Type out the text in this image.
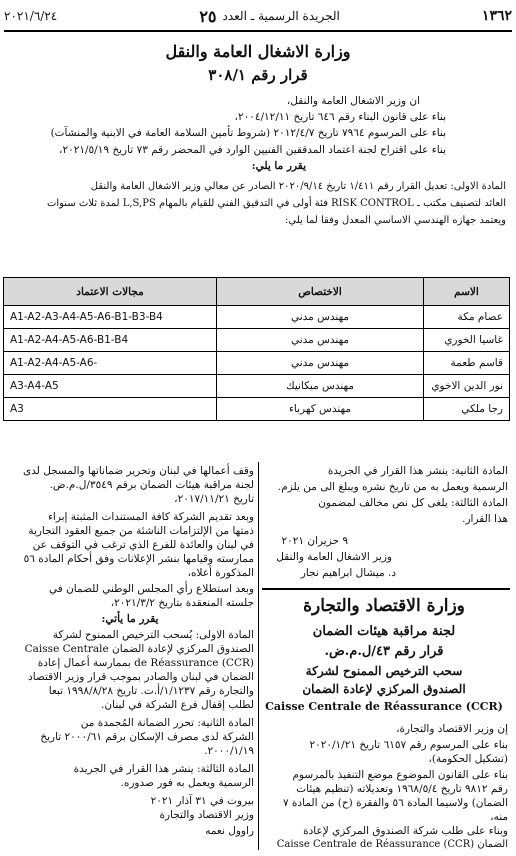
١٣٦٢
الجريدة الرسمية ـ العدد
٢٥
٢٠٢١/٦/٢٤
وزارة الاشغال العامة والنقل
قرار رقم ٣٠٨/١
ان وزير الاشغال العامة والنقل،
بناء على قانون البناء رقم ٦٤٦ تاريخ ٢٠٠٤/١٢/١١،
بناء على المرسوم ٧٩٦٤ تاريخ ٢٠١٢/٤/٧ (شروط تأمين السلامة العامة في الابنية والمنشآت)
بناء على اقتراح لجنة اعتماد المدققين الفنيين الوارد في المحضر رقم ٧٣ تاريخ ٢٠٢١/٥/١٩،
يقرر ما يلي:
المادة الاولى: تعديل القرار رقم ١/٤١١ تاريخ ٢٠٢٠/٩/١٤ الصادر عن معالي وزير الاشغال العامة والنقل
العائد لتصنيف مكتب ـ RISK CONTROL فئة أولى في التدقيق الفني للقيام بالمهام L,S,PS لمدة ثلاث سنوات
ويعتمد جهازه الهندسي الاساسي المعدل وفقا لما يلي:
الاسم	الاختصاص	مجالات الاعتماد
عصام مكة	مهندس مدني	A1-A2-A3-A4-A5-A6-B1-B3-B4
غاسيا الخوري	مهندس مدني	A1-A2-A4-A5-A6-B1-B4
قاسم طعمة	مهندس مدني	A1-A2-A4-A5-A6-
نور الدين الاخوي	مهندس ميكانيك	A3-A4-A5
رجا ملكي	مهندس كهرباء	A3
المادة الثانية: ينشر هذا القرار في الجريدة
الرسمية ويعمل به من تاريخ نشره ويبلغ الى من يلزم.
المادة الثالثة: يلغى كل نص مخالف لمضمون
هذا القرار.
٩ حزيران ٢٠٢١
وزير الاشغال العامة والنقل
د. ميشال ابراهيم نجار
وزارة الاقتصاد والتجارة
لجنة مراقبة هيئات الضمان
قرار رقم ٤٣/ل.م.ض.
سحب الترخيص الممنوح لشركة
الصندوق المركزي لإعادة الضمان
Caisse Centrale de Réassurance (CCR)
إن وزير الاقتصاد والتجارة،
بناء على المرسوم رقم ٦١٥٧ تاريخ ٢٠٢٠/١/٢١
(تشكيل الحكومة)،
بناء على القانون الموضوع موضع التنفيذ بالمرسوم
رقم ٩٨١٢ تاريخ ١٩٦٨/٥/٤ وتعديلاته (تنظيم هيئات
الضمان) ولاسيما المادة ٥٦ والفقرة (ح) من المادة ٧
منه،
وبناء على طلب شركة الصندوق المركزي لإعادة
الضمان Caisse Centrale de Réassurance (CCR)
وقف أعمالها في لبنان وتحرير ضماناتها والمسجل لدى
لجنة مراقبة هيئات الضمان برقم ٣٥٤٩/ل.م.ض.
تاريخ ٢٠١٧/١١/٢١،
وبعد تقديم الشركة كافة المستندات المثبتة إبراء
ذمتها من الإلتزامات الناشئة من جميع العقود التجارية
في لبنان والعائدة للفرع الذي ترغب في التوقف عن
ممارسته وقيامها بنشر الإعلانات وفق أحكام المادة ٥٦
المذكورة أعلاه،
وبعد استطلاع رأي المجلس الوطني للضمان في
جلسته المنعقدة بتاريخ ٢٠٢١/٣/٢،
يقرر ما يأتي:
المادة الاولى: يُسحب الترخيص الممنوح لشركة
الصندوق المركزي لإعادة الضمان Caisse Centrale
de Réassurance (CCR) بممارسة أعمال إعادة
الضمان في لبنان والصادر بموجب قرار وزير الاقتصاد
والتجارة رقم ١/١٢٣٧/أ.ت. تاريخ ١٩٩٨/٨/٢٨ تبعا
لطلب إقفال فرع الشركة في لبنان.
المادة الثانية: تحرر الضمانة المُجمدة من
الشركة لدى مصرف الإسكان برقم ٢٠٠٠/٦١ تاريخ
٢٠٠٠/١/١٩.
المادة الثالثة: ينشر هذا القرار في الجريدة
الرسمية ويعمل به فور صدوره.
بيروت في ٣١ آذار ٢٠٢١
وزير الاقتصاد والتجارة
راوول نعمه
